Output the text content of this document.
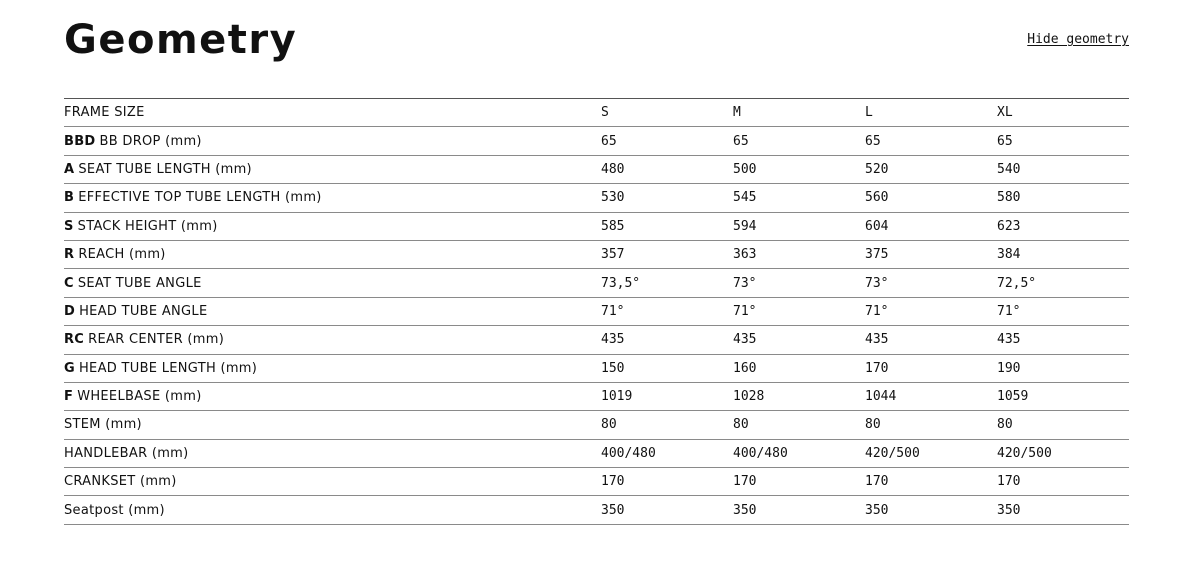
Geometry	Hide geometry
FRAME SIZE	S	M	L	XL
BBD BB DROP (mm)	65	65	65	65
A SEAT TUBE LENGTH (mm)	480	500	520	540
B EFFECTIVE TOP TUBE LENGTH (mm)	530	545	560	580
S STACK HEIGHT (mm)	585	594	604	623
R REACH (mm)	357	363	375	384
C SEAT TUBE ANGLE	73,5°	73°	73°	72,5°
D HEAD TUBE ANGLE	71°	71°	71°	71°
RC REAR CENTER (mm)	435	435	435	435
G HEAD TUBE LENGTH (mm)	150	160	170	190
F WHEELBASE (mm)	1019	1028	1044	1059
STEM (mm)	80	80	80	80
HANDLEBAR (mm)	400/480	400/480	420/500	420/500
CRANKSET (mm)	170	170	170	170
Seatpost (mm)	350	350	350	350
